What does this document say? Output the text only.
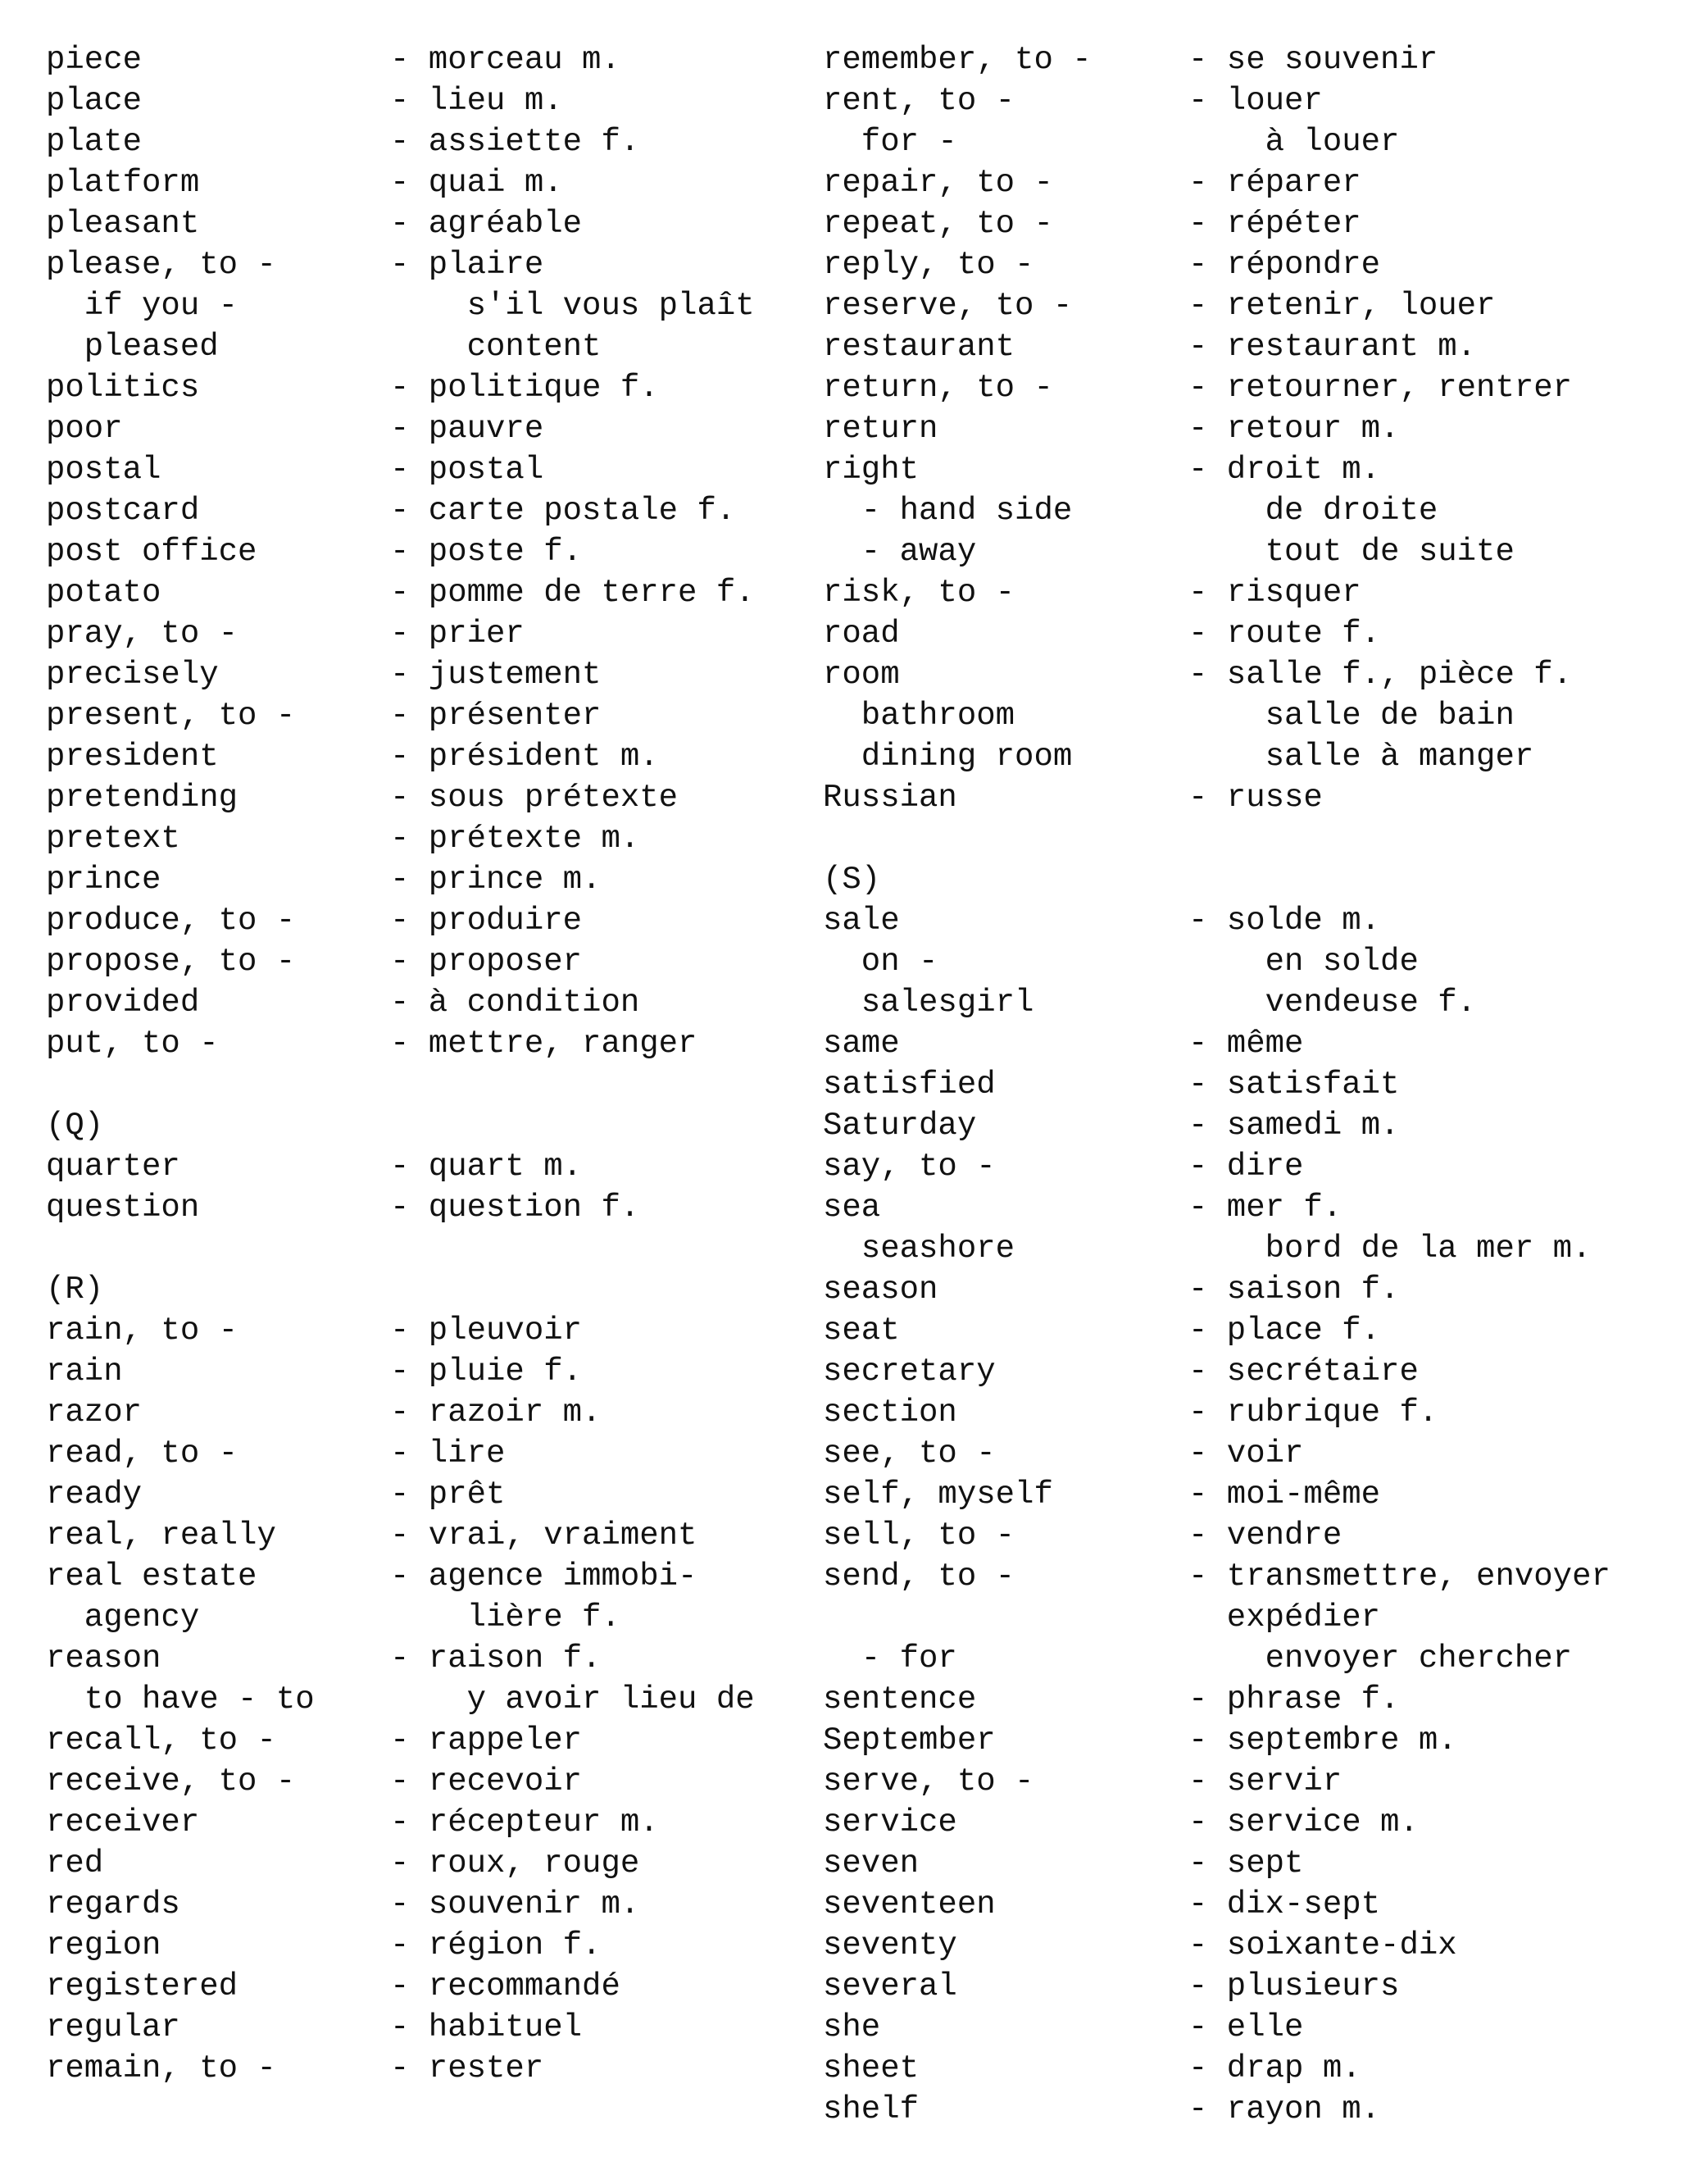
piece	- morceau m.
place	- lieu m.
plate	- assiette f.
platform	- quai m.
pleasant	- agréable
please, to -	- plaire
if you -	s'il vous plaît
pleased	content
politics	- politique f.
poor	- pauvre
postal	- postal
postcard	- carte postale f.
post office	- poste f.
potato	- pomme de terre f.
pray, to -	- prier
precisely	- justement
present, to -	- présenter
president	- président m.
pretending	- sous prétexte
pretext	- prétexte m.
prince	- prince m.
produce, to -	- produire
propose, to -	- proposer
provided	- à condition
put, to -	- mettre, ranger
(Q)
quarter	- quart m.
question	- question f.
(R)
rain, to -	- pleuvoir
rain	- pluie f.
razor	- razoir m.
read, to -	- lire
ready	- prêt
real, really	- vrai, vraiment
real estate	- agence immobi-
agency	lière f.
reason	- raison f.
to have - to	y avoir lieu de
recall, to -	- rappeler
receive, to -	- recevoir
receiver	- récepteur m.
red	- roux, rouge
regards	- souvenir m.
region	- région f.
registered	- recommandé
regular	- habituel
remain, to -	- rester
remember, to -	- se souvenir
rent, to -	- louer
for -	à louer
repair, to -	- réparer
repeat, to -	- répéter
reply, to -	- répondre
reserve, to -	- retenir, louer
restaurant	- restaurant m.
return, to -	- retourner, rentrer
return	- retour m.
right	- droit m.
- hand side	de droite
- away	tout de suite
risk, to -	- risquer
road	- route f.
room	- salle f., pièce f.
bathroom	salle de bain
dining room	salle à manger
Russian	- russe
(S)
sale	- solde m.
on -	en solde
salesgirl	vendeuse f.
same	- même
satisfied	- satisfait
Saturday	- samedi m.
say, to -	- dire
sea	- mer f.
seashore	bord de la mer m.
season	- saison f.
seat	- place f.
secretary	- secrétaire
section	- rubrique f.
see, to -	- voir
self, myself	- moi-même
sell, to -	- vendre
send, to -	- transmettre, envoyer
expédier
- for	envoyer chercher
sentence	- phrase f.
September	- septembre m.
serve, to -	- servir
service	- service m.
seven	- sept
seventeen	- dix-sept
seventy	- soixante-dix
several	- plusieurs
she	- elle
sheet	- drap m.
shelf	- rayon m.
